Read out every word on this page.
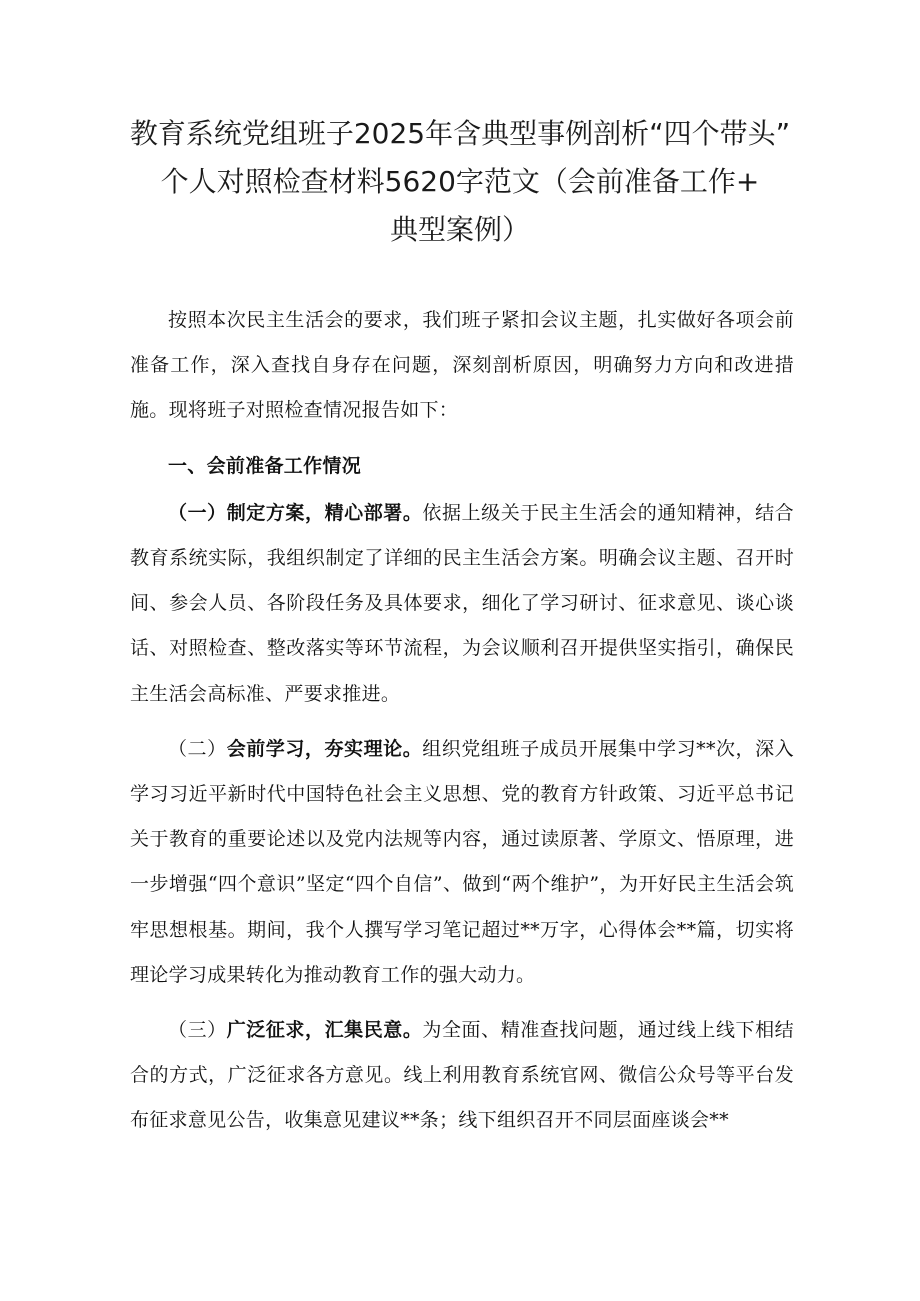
教育系统党组班子2025年含典型事例剖析“四个带头”
个人对照检查材料5620字范文（会前准备工作+
典型案例）

按照本次民主生活会的要求，我们班子紧扣会议主题，扎实做好各项会前准备工作，深入查找自身存在问题，深刻剖析原因，明确努力方向和改进措施。现将班子对照检查情况报告如下：

一、会前准备工作情况

（一）制定方案，精心部署。依据上级关于民主生活会的通知精神，结合教育系统实际，我组织制定了详细的民主生活会方案。明确会议主题、召开时间、参会人员、各阶段任务及具体要求，细化了学习研讨、征求意见、谈心谈话、对照检查、整改落实等环节流程，为会议顺利召开提供坚实指引，确保民主生活会高标准、严要求推进。

（二）会前学习，夯实理论。组织党组班子成员开展集中学习**次，深入学习习近平新时代中国特色社会主义思想、党的教育方针政策、习近平总书记关于教育的重要论述以及党内法规等内容，通过读原著、学原文、悟原理，进一步增强“四个意识”坚定“四个自信”、做到“两个维护”，为开好民主生活会筑牢思想根基。期间，我个人撰写学习笔记超过**万字，心得体会**篇，切实将理论学习成果转化为推动教育工作的强大动力。

（三）广泛征求，汇集民意。为全面、精准查找问题，通过线上线下相结合的方式，广泛征求各方意见。线上利用教育系统官网、微信公众号等平台发布征求意见公告，收集意见建议**条；线下组织召开不同层面座谈会**
